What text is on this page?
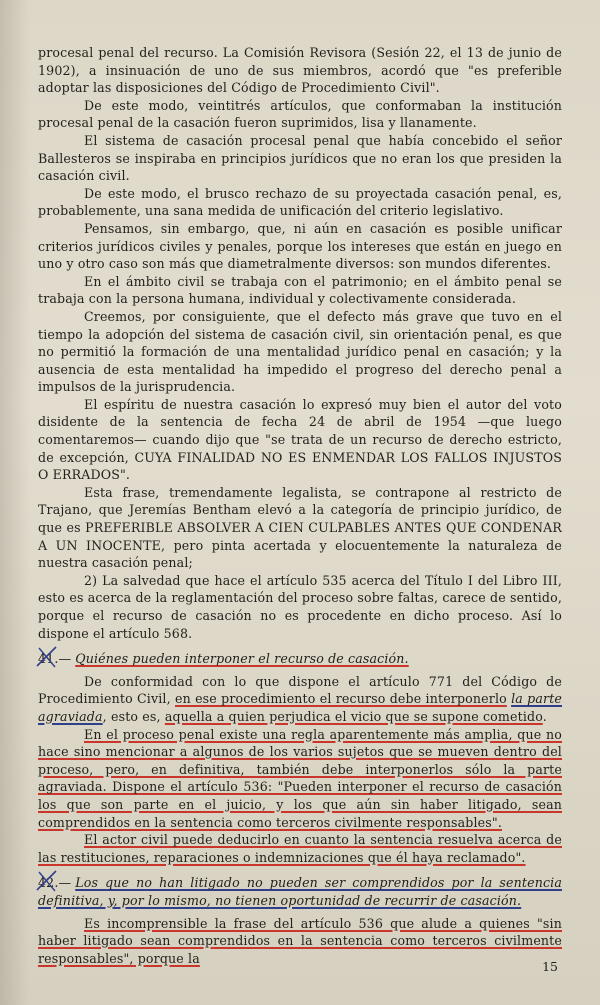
procesal penal del recurso. La Comisión Revisora (Sesión 22, el 13 de junio de 1902), a insinuación de uno de sus miembros, acordó que "es preferible adoptar las disposiciones del Código de Procedimiento Civil".

De este modo, veintitrés artículos, que conformaban la institución procesal penal de la casación fueron suprimidos, lisa y llanamente.

El sistema de casación procesal penal que había concebido el señor Ballesteros se inspiraba en principios jurídicos que no eran los que presiden la casación civil.

De este modo, el brusco rechazo de su proyectada casación penal, es, probablemente, una sana medida de unificación del criterio legislativo.

Pensamos, sin embargo, que, ni aún en casación es posible unificar criterios jurídicos civiles y penales, porque los intereses que están en juego en uno y otro caso son más que diametralmente diversos: son mundos diferentes.

En el ámbito civil se trabaja con el patrimonio; en el ámbito penal se trabaja con la persona humana, individual y colectivamente considerada.

Creemos, por consiguiente, que el defecto más grave que tuvo en el tiempo la adopción del sistema de casación civil, sin orientación penal, es que no permitió la formación de una mentalidad jurídico penal en casación; y la ausencia de esta mentalidad ha impedido el progreso del derecho penal a impulsos de la jurisprudencia.

El espíritu de nuestra casación lo expresó muy bien el autor del voto disidente de la sentencia de fecha 24 de abril de 1954 —que luego comentaremos— cuando dijo que "se trata de un recurso de derecho estricto, de excepción, CUYA FINALIDAD NO ES ENMENDAR LOS FALLOS INJUSTOS O ERRADOS".

Esta frase, tremendamente legalista, se contrapone al restricto de Trajano, que Jeremías Bentham elevó a la categoría de principio jurídico, de que es PREFERIBLE ABSOLVER A CIEN CULPABLES ANTES QUE CONDENAR A UN INOCENTE, pero pinta acertada y elocuentemente la naturaleza de nuestra casación penal;

2) La salvedad que hace el artículo 535 acerca del Título I del Libro III, esto es acerca de la reglamentación del proceso sobre faltas, carece de sentido, porque el recurso de casación no es procedente en dicho proceso. Así lo dispone el artículo 568.

41.— Quiénes pueden interponer el recurso de casación.

De conformidad con lo que dispone el artículo 771 del Código de Procedimiento Civil, en ese procedimiento el recurso debe interponerlo la parte agraviada, esto es, aquella a quien perjudica el vicio que se supone cometido.

En el proceso penal existe una regla aparentemente más amplia, que no hace sino mencionar a algunos de los varios sujetos que se mueven dentro del proceso, pero, en definitiva, también debe interponerlos sólo la parte agraviada. Dispone el artículo 536: "Pueden interponer el recurso de casación los que son parte en el juicio, y los que aún sin haber litigado, sean comprendidos en la sentencia como terceros civilmente responsables".

El actor civil puede deducirlo en cuanto la sentencia resuelva acerca de las restituciones, reparaciones o indemnizaciones que él haya reclamado".

42.— Los que no han litigado no pueden ser comprendidos por la sentencia definitiva, y, por lo mismo, no tienen oportunidad de recurrir de casación.

Es incomprensible la frase del artículo 536 que alude a quienes "sin haber litigado sean comprendidos en la sentencia como terceros civilmente responsables", porque la

15
